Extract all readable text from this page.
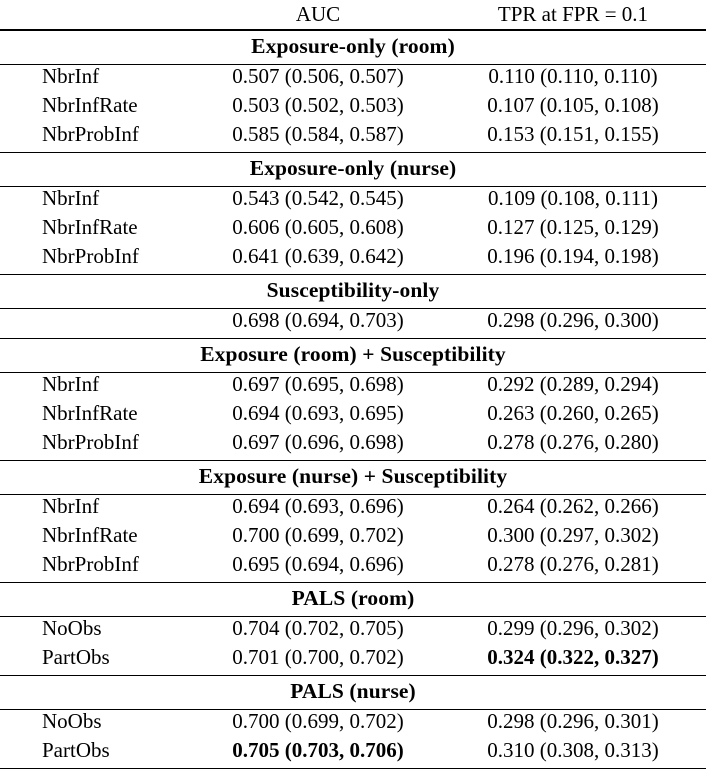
	AUC	TPR at FPR = 0.1
Exposure-only (room)		
NbrInf	0.507 (0.506, 0.507)	0.110 (0.110, 0.110)
NbrInfRate	0.503 (0.502, 0.503)	0.107 (0.105, 0.108)
NbrProbInf	0.585 (0.584, 0.587)	0.153 (0.151, 0.155)
Exposure-only (nurse)		
NbrInf	0.543 (0.542, 0.545)	0.109 (0.108, 0.111)
NbrInfRate	0.606 (0.605, 0.608)	0.127 (0.125, 0.129)
NbrProbInf	0.641 (0.639, 0.642)	0.196 (0.194, 0.198)
Susceptibility-only		
	0.698 (0.694, 0.703)	0.298 (0.296, 0.300)
Exposure (room) + Susceptibility		
NbrInf	0.697 (0.695, 0.698)	0.292 (0.289, 0.294)
NbrInfRate	0.694 (0.693, 0.695)	0.263 (0.260, 0.265)
NbrProbInf	0.697 (0.696, 0.698)	0.278 (0.276, 0.280)
Exposure (nurse) + Susceptibility		
NbrInf	0.694 (0.693, 0.696)	0.264 (0.262, 0.266)
NbrInfRate	0.700 (0.699, 0.702)	0.300 (0.297, 0.302)
NbrProbInf	0.695 (0.694, 0.696)	0.278 (0.276, 0.281)
PALS (room)		
NoObs	0.704 (0.702, 0.705)	0.299 (0.296, 0.302)
PartObs	0.701 (0.700, 0.702)	0.324 (0.322, 0.327)
PALS (nurse)		
NoObs	0.700 (0.699, 0.702)	0.298 (0.296, 0.301)
PartObs	0.705 (0.703, 0.706)	0.310 (0.308, 0.313)
